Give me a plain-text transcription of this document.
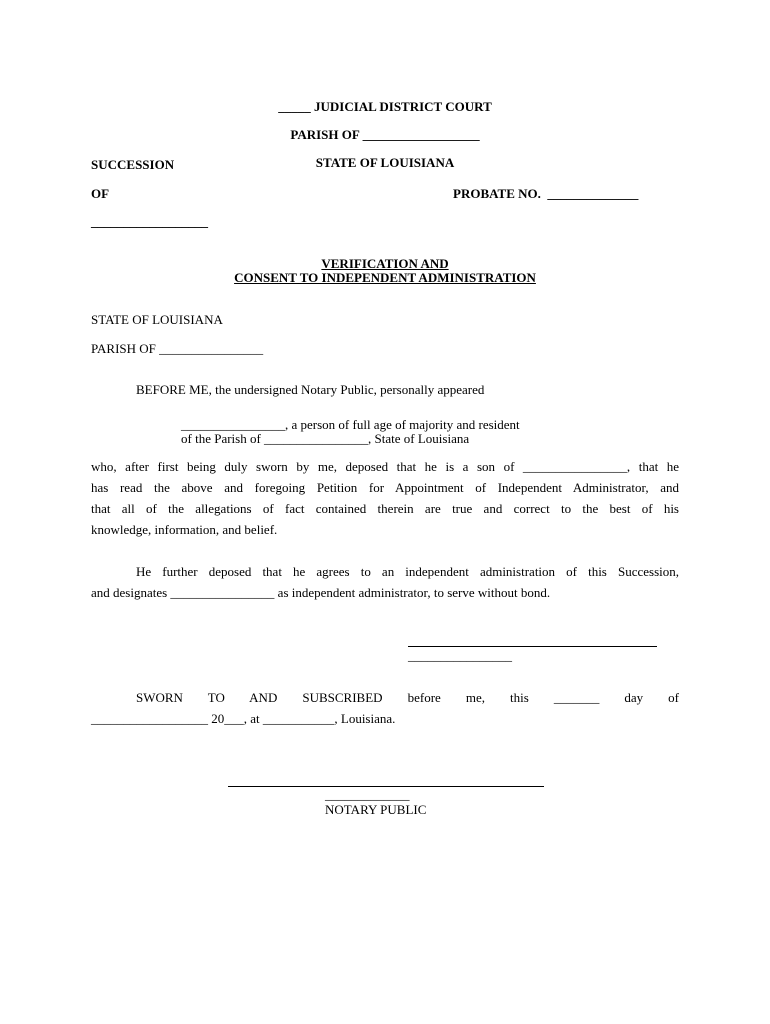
_____ JUDICIAL DISTRICT COURT

PARISH OF __________________

STATE OF LOUISIANA

SUCCESSION
OF	PROBATE NO.  ______________
__________________
VERIFICATION AND
CONSENT TO INDEPENDENT ADMINISTRATION
STATE OF LOUISIANA
PARISH OF ________________
BEFORE ME, the undersigned Notary Public, personally appeared
________________, a person of full age of majority and resident
of the Parish of ________________, State of Louisiana
who, after first being duly sworn by me, deposed that he is a son of ________________, that he
has read the above and foregoing Petition for Appointment of Independent Administrator, and
that all of the allegations of fact contained therein are true and correct to the best of his
knowledge, information, and belief.
He further deposed that he agrees to an independent administration of this Succession,
and designates ________________ as independent administrator, to serve without bond.
________________
SWORN TO AND SUBSCRIBED before me, this _______ day of
__________________ 20___, at ___________, Louisiana.
_____________
NOTARY PUBLIC
